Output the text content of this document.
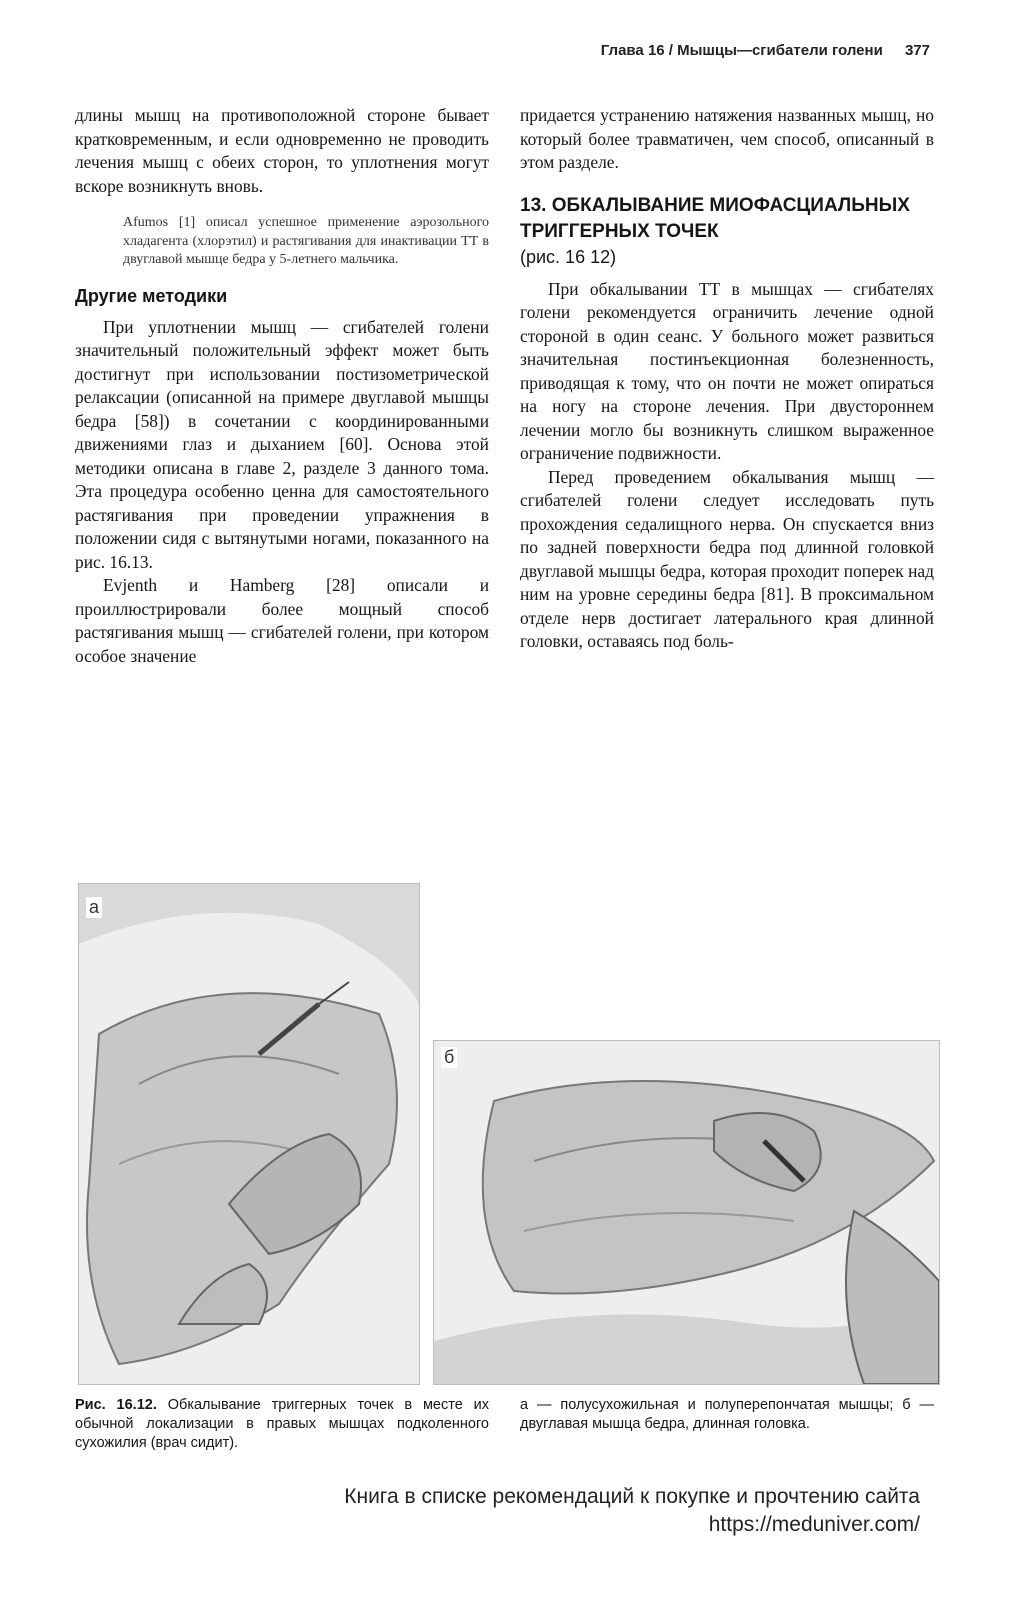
Глава 16 / Мышцы—сгибатели голени 377

длины мышц на противоположной стороне бывает кратковременным, и если одновременно не проводить лечения мышц с обеих сторон, то уплотнения могут вскоре возникнуть вновь.

Afumos [1] описал успешное применение аэрозольного хладагента (хлорэтил) и растягивания для инактивации ТТ в двуглавой мышце бедра у 5-летнего мальчика.

Другие методики

При уплотнении мышц — сгибателей голени значительный положительный эффект может быть достигнут при использовании постизометрической релаксации (описанной на примере двуглавой мышцы бедра [58]) в сочетании с координированными движениями глаз и дыханием [60]. Основа этой методики описана в главе 2, разделе 3 данного тома. Эта процедура особенно ценна для самостоятельного растягивания при проведении упражнения в положении сидя с вытянутыми ногами, показанного на рис. 16.13.

Evjenth и Hamberg [28] описали и проиллюстрировали более мощный способ растягивания мышц — сгибателей голени, при котором особое значение

придается устранению натяжения названных мышц, но который более травматичен, чем способ, описанный в этом разделе.

13. ОБКАЛЫВАНИЕ МИОФАСЦИАЛЬНЫХ ТРИГГЕРНЫХ ТОЧЕК
(рис. 16 12)

При обкалывании ТТ в мышцах — сгибателях голени рекомендуется ограничить лечение одной стороной в один сеанс. У больного может развиться значительная постинъекционная болезненность, приводящая к тому, что он почти не может опираться на ногу на стороне лечения. При двустороннем лечении могло бы возникнуть слишком выраженное ограничение подвижности.

Перед проведением обкалывания мышц — сгибателей голени следует исследовать путь прохождения седалищного нерва. Он спускается вниз по задней поверхности бедра под длинной головкой двуглавой мышцы бедра, которая проходит поперек над ним на уровне середины бедра [81]. В проксимальном отделе нерв достигает латерального края длинной головки, оставаясь под боль-

а
б
Рис. 16.12. Обкалывание триггерных точек в месте их обычной локализации в правых мышцах подколенного сухожилия (врач сидит).
а — полусухожильная и полуперепончатая мышцы; б — двуглавая мышца бедра, длинная головка.
Книга в списке рекомендаций к покупке и прочтению сайта https://meduniver.com/
